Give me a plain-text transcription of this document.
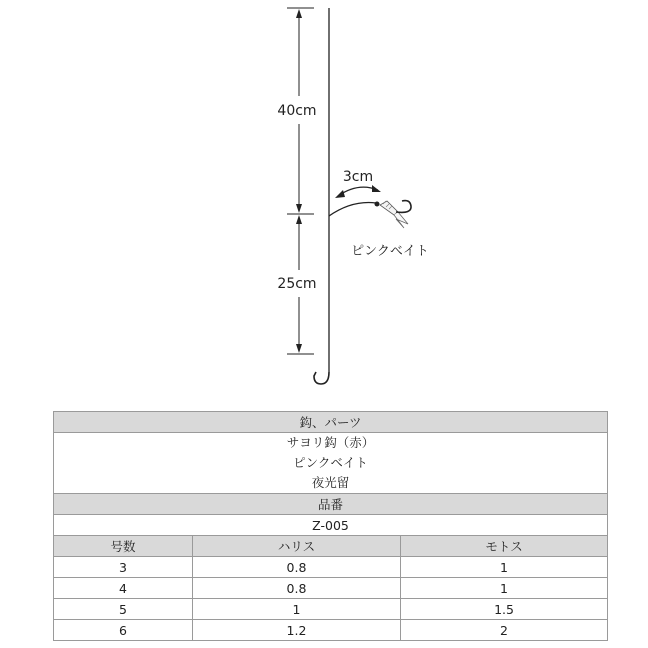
40cm
25cm
3cm
ピンクベイト
鈎、パーツ		

サヨリ鈎（赤）
ピンクベイト
夜光留		

品番		
Z-005		
号数	ハリス	モトス
3	0.8	1
4	0.8	1
5	1	1.5
6	1.2	2
